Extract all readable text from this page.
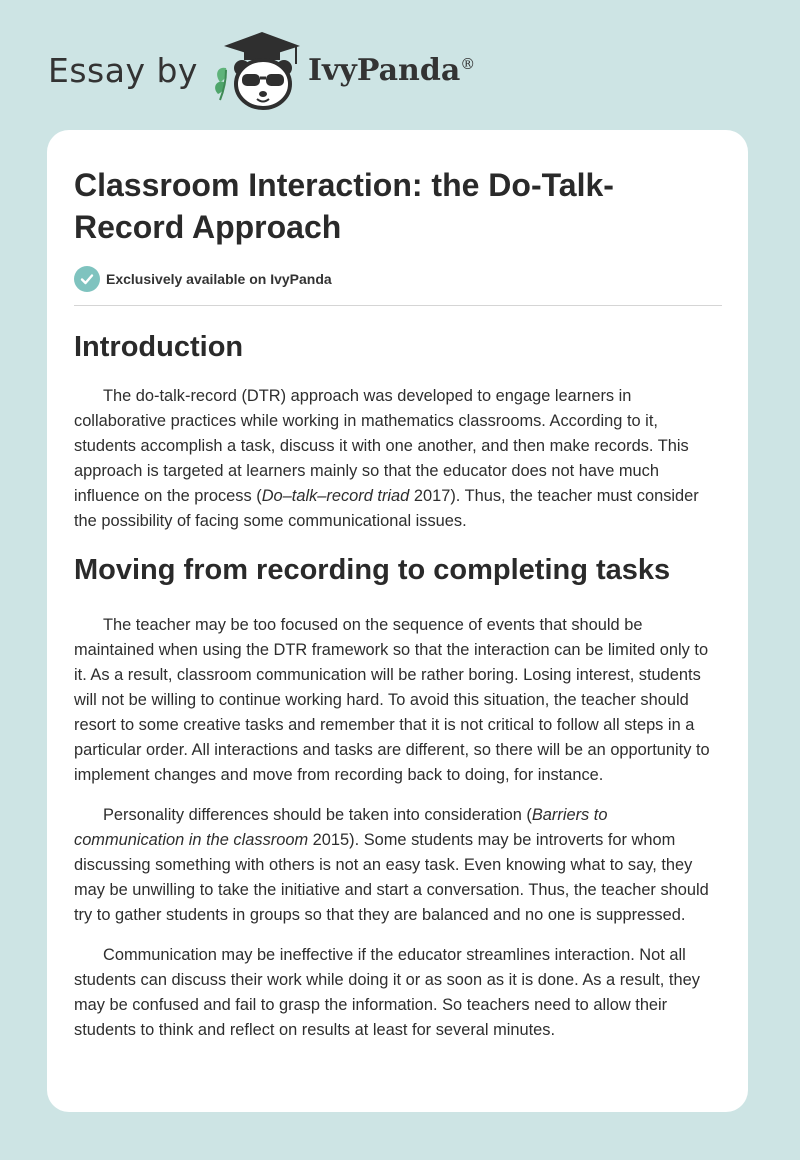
Essay by	IvyPanda®
Classroom Interaction: the Do-Talk-Record Approach
Exclusively available on IvyPanda
Introduction

The do-talk-record (DTR) approach was developed to engage learners in collaborative practices while working in mathematics classrooms. According to it, students accomplish a task, discuss it with one another, and then make records. This approach is targeted at learners mainly so that the educator does not have much influence on the process (Do–talk–record triad 2017). Thus, the teacher must consider the possibility of facing some communicational issues.

Moving from recording to completing tasks

The teacher may be too focused on the sequence of events that should be maintained when using the DTR framework so that the interaction can be limited only to it. As a result, classroom communication will be rather boring. Losing interest, students will not be willing to continue working hard. To avoid this situation, the teacher should resort to some creative tasks and remember that it is not critical to follow all steps in a particular order. All interactions and tasks are different, so there will be an opportunity to implement changes and move from recording back to doing, for instance.

Personality differences should be taken into consideration (Barriers to communication in the classroom 2015). Some students may be introverts for whom discussing something with others is not an easy task. Even knowing what to say, they may be unwilling to take the initiative and start a conversation. Thus, the teacher should try to gather students in groups so that they are balanced and no one is suppressed.

Communication may be ineffective if the educator streamlines interaction. Not all students can discuss their work while doing it or as soon as it is done. As a result, they may be confused and fail to grasp the information. So teachers need to allow their students to think and reflect on results at least for several minutes.
